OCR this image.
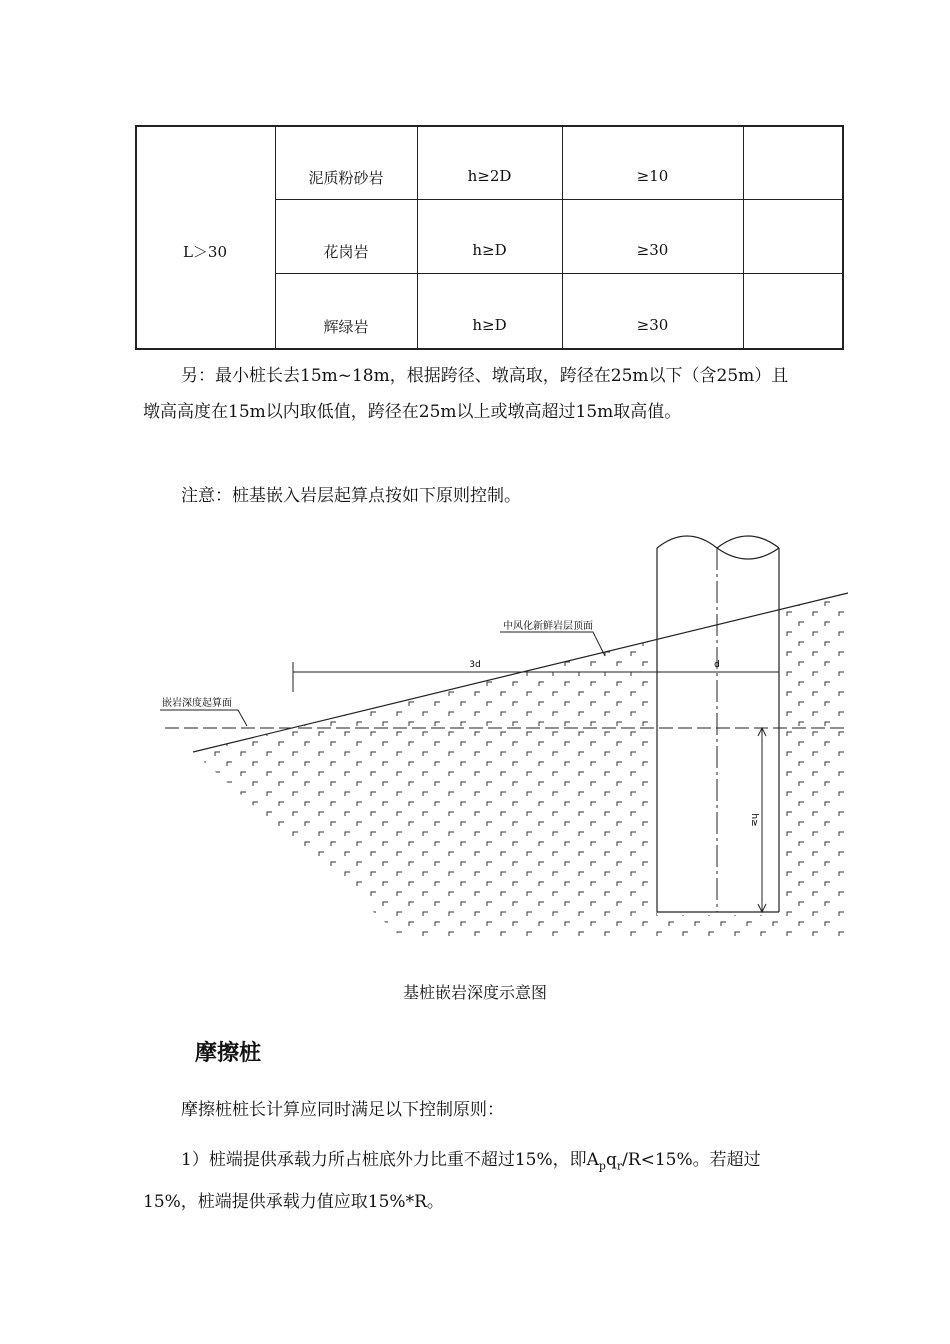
L＞30
泥质粉砂岩	h≥2D	≥10
花岗岩	h≥D	≥30
辉绿岩	h≥D	≥30
另：最小桩长去15m~18m，根据跨径、墩高取，跨径在25m以下（含25m）且墩高高度在15m以内取低值，跨径在25m以上或墩高超过15m取高值。
注意：桩基嵌入岩层起算点按如下原则控制。
3d	d
h≥
中风化新鲜岩层顶面
嵌岩深度起算面
基桩嵌岩深度示意图
摩擦桩
摩擦桩桩长计算应同时满足以下控制原则：
1）桩端提供承载力所占桩底外力比重不超过15%，即$A_pq_r/R<15\%$。若超过15%，桩端提供承载力值应取15%*R。
